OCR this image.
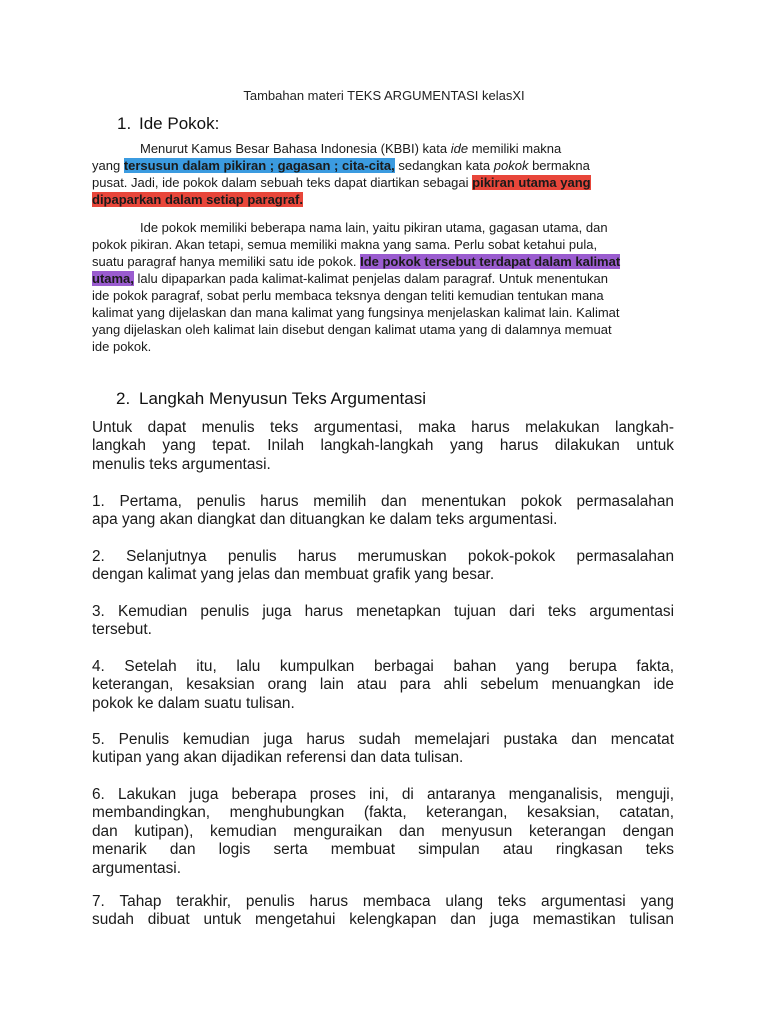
Tambahan materi TEKS ARGUMENTASI kelasXI
1. Ide Pokok:
Menurut Kamus Besar Bahasa Indonesia (KBBI) kata ide memiliki makna
yang tersusun dalam pikiran ; gagasan ; cita-cita, sedangkan kata pokok bermakna
pusat. Jadi, ide pokok dalam sebuah teks dapat diartikan sebagai pikiran utama yang
dipaparkan dalam setiap paragraf.
Ide pokok memiliki beberapa nama lain, yaitu pikiran utama, gagasan utama, dan
pokok pikiran. Akan tetapi, semua memiliki makna yang sama. Perlu sobat ketahui pula,
suatu paragraf hanya memiliki satu ide pokok. Ide pokok tersebut terdapat dalam kalimat
utama, lalu dipaparkan pada kalimat-kalimat penjelas dalam paragraf. Untuk menentukan
ide pokok paragraf, sobat perlu membaca teksnya dengan teliti kemudian tentukan mana
kalimat yang dijelaskan dan mana kalimat yang fungsinya menjelaskan kalimat lain. Kalimat
yang dijelaskan oleh kalimat lain disebut dengan kalimat utama yang di dalamnya memuat
ide pokok.
2. Langkah Menyusun Teks Argumentasi
Untuk dapat menulis teks argumentasi, maka harus melakukan langkah-
langkah yang tepat. Inilah langkah-langkah yang harus dilakukan untuk
menulis teks argumentasi.
1. Pertama, penulis harus memilih dan menentukan pokok permasalahan
apa yang akan diangkat dan dituangkan ke dalam teks argumentasi.
2. Selanjutnya penulis harus merumuskan pokok-pokok permasalahan
dengan kalimat yang jelas dan membuat grafik yang besar.
3. Kemudian penulis juga harus menetapkan tujuan dari teks argumentasi
tersebut.
4. Setelah itu, lalu kumpulkan berbagai bahan yang berupa fakta,
keterangan, kesaksian orang lain atau para ahli sebelum menuangkan ide
pokok ke dalam suatu tulisan.
5. Penulis kemudian juga harus sudah memelajari pustaka dan mencatat
kutipan yang akan dijadikan referensi dan data tulisan.
6. Lakukan juga beberapa proses ini, di antaranya menganalisis, menguji,
membandingkan, menghubungkan (fakta, keterangan, kesaksian, catatan,
dan kutipan), kemudian menguraikan dan menyusun keterangan dengan
menarik dan logis serta membuat simpulan atau ringkasan teks
argumentasi.
7. Tahap terakhir, penulis harus membaca ulang teks argumentasi yang
sudah dibuat untuk mengetahui kelengkapan dan juga memastikan tulisan
